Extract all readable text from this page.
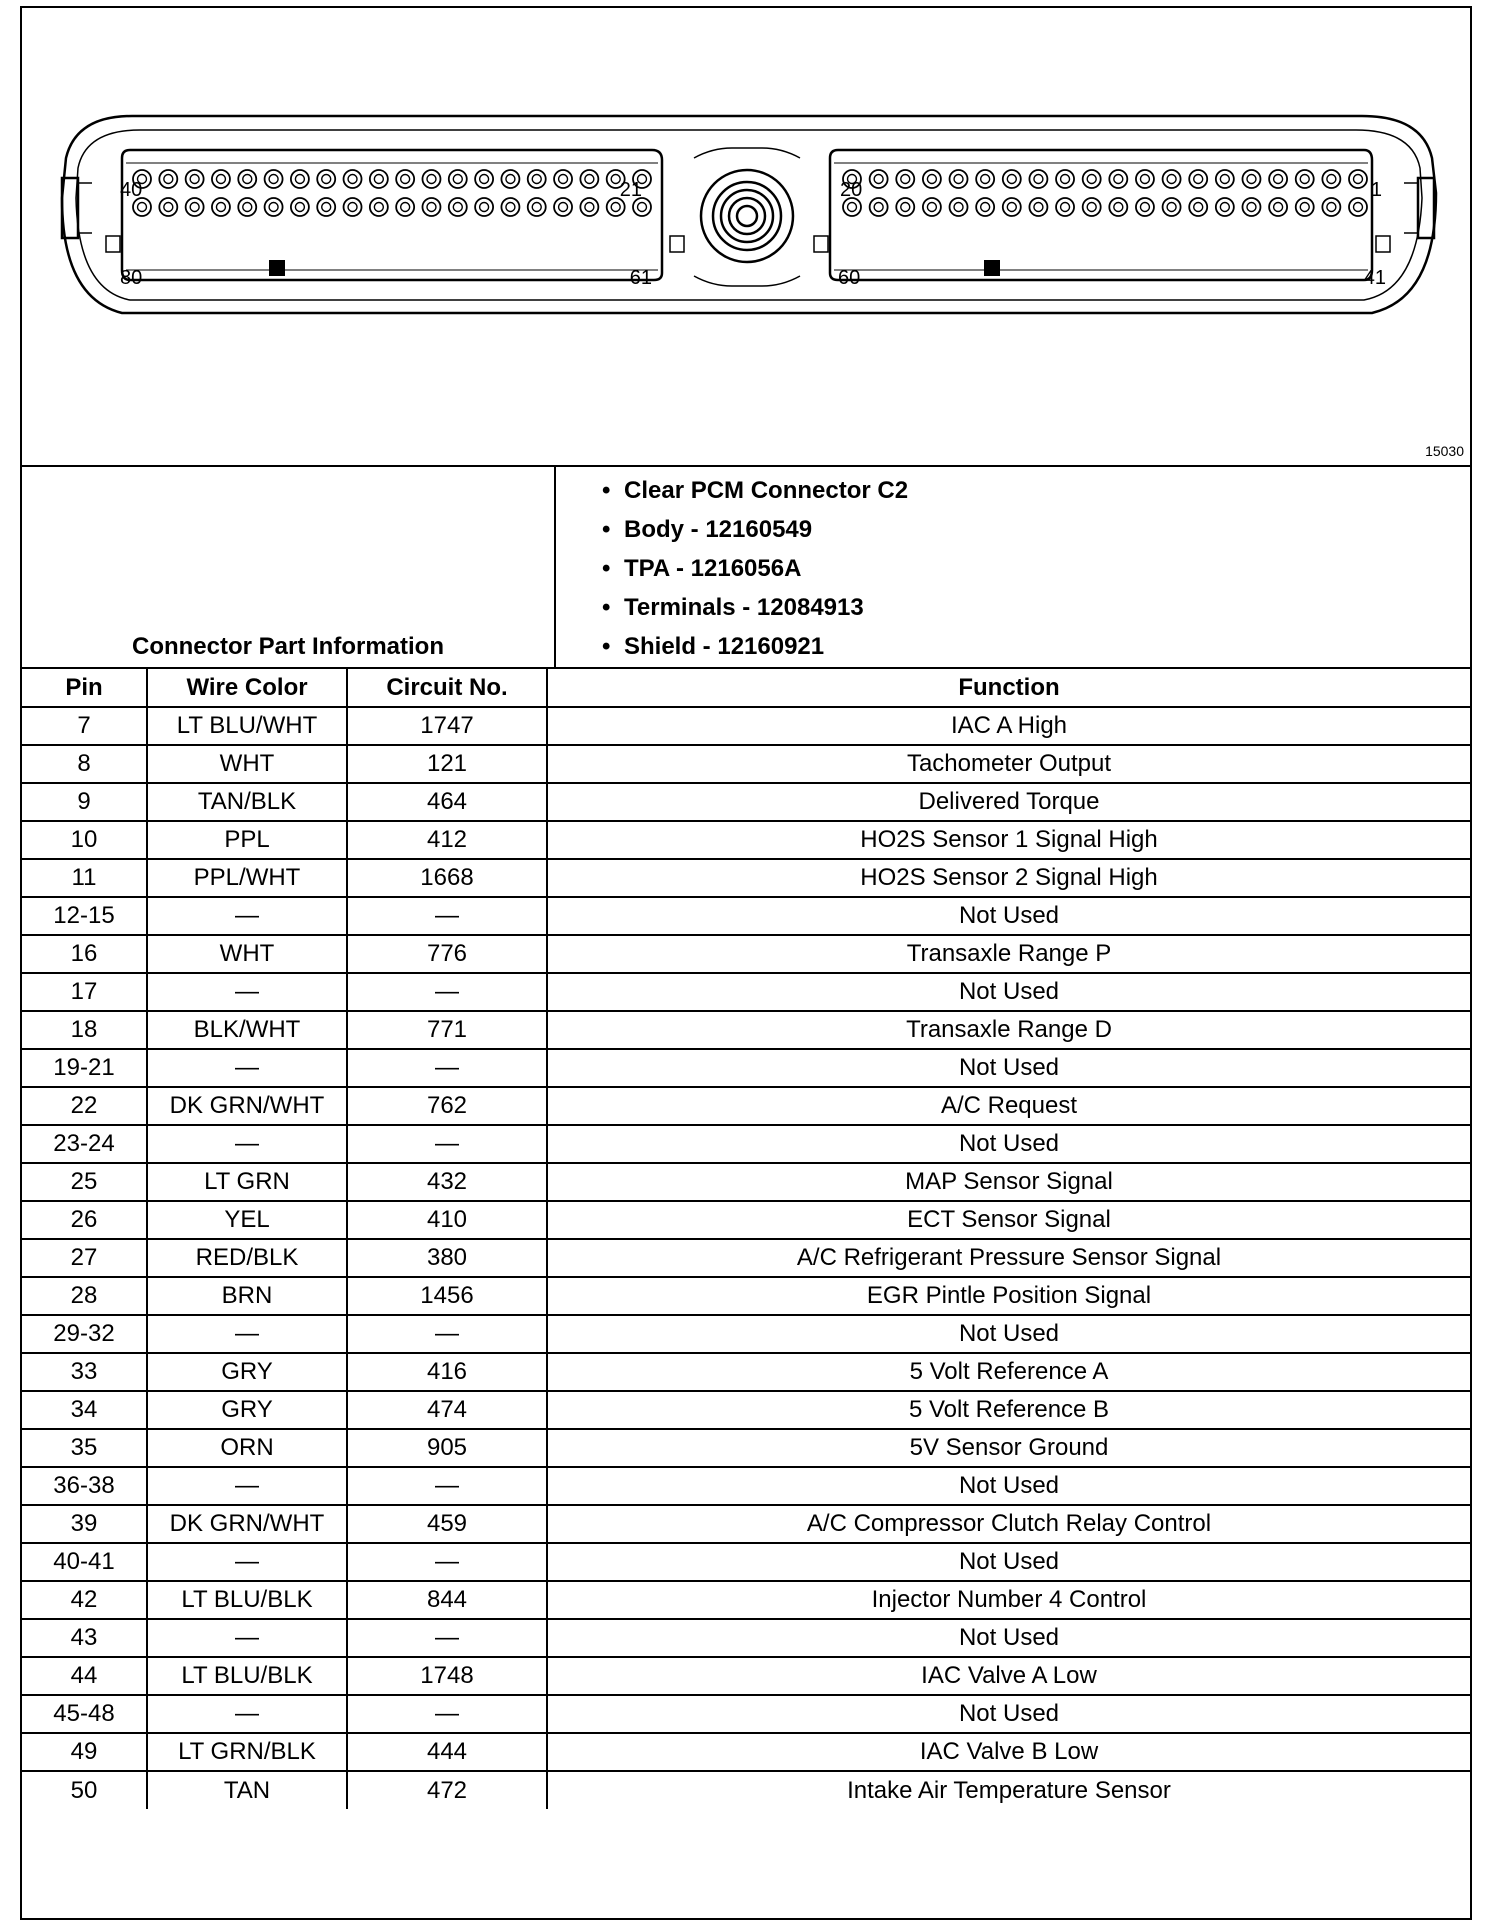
40	21
80	61
20	1
60	41
15030
Connector Part Information
• Clear PCM Connector C2
• Body - 12160549
• TPA - 1216056A
• Terminals - 12084913
• Shield - 12160921
Pin	Wire Color	Circuit No.	Function
7	LT BLU/WHT	1747	IAC A High
8	WHT	121	Tachometer Output
9	TAN/BLK	464	Delivered Torque
10	PPL	412	HO2S Sensor 1 Signal High
11	PPL/WHT	1668	HO2S Sensor 2 Signal High
12-15	—	—	Not Used
16	WHT	776	Transaxle Range P
17	—	—	Not Used
18	BLK/WHT	771	Transaxle Range D
19-21	—	—	Not Used
22	DK GRN/WHT	762	A/C Request
23-24	—	—	Not Used
25	LT GRN	432	MAP Sensor Signal
26	YEL	410	ECT Sensor Signal
27	RED/BLK	380	A/C Refrigerant Pressure Sensor Signal
28	BRN	1456	EGR Pintle Position Signal
29-32	—	—	Not Used
33	GRY	416	5 Volt Reference A
34	GRY	474	5 Volt Reference B
35	ORN	905	5V Sensor Ground
36-38	—	—	Not Used
39	DK GRN/WHT	459	A/C Compressor Clutch Relay Control
40-41	—	—	Not Used
42	LT BLU/BLK	844	Injector Number 4 Control
43	—	—	Not Used
44	LT BLU/BLK	1748	IAC Valve A Low
45-48	—	—	Not Used
49	LT GRN/BLK	444	IAC Valve B Low
50	TAN	472	Intake Air Temperature Sensor
